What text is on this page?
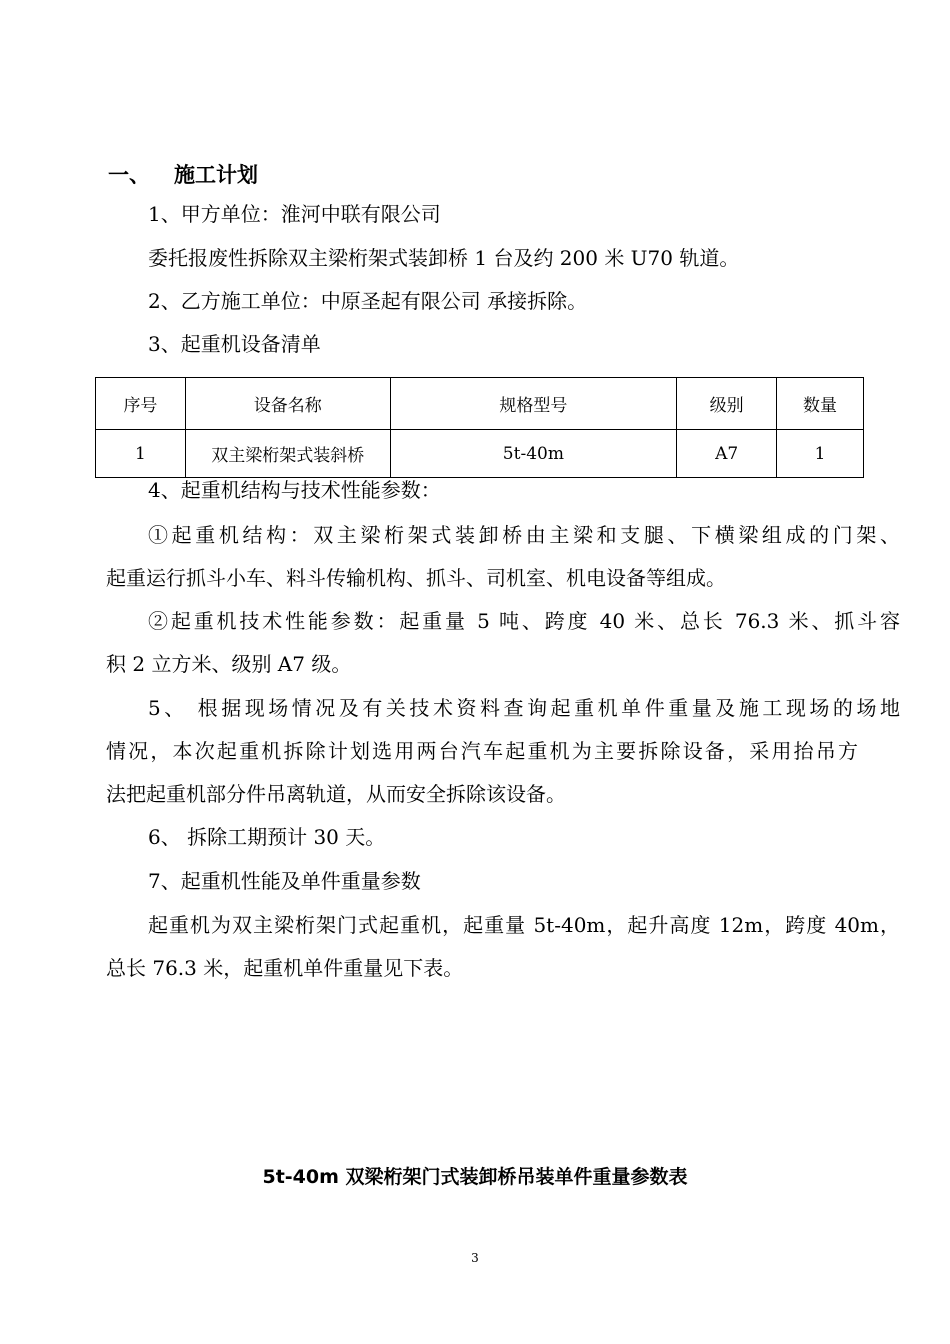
一、 施工计划
1、甲方单位：淮河中联有限公司
委托报废性拆除双主梁桁架式装卸桥 1 台及约 200 米 U70 轨道。
2、乙方施工单位：中原圣起有限公司 承接拆除。
3、起重机设备清单
序号	设备名称	规格型号	级别	数量
1	双主梁桁架式装斜桥	5t-40m	A7	1
4、起重机结构与技术性能参数：
①起重机结构：双主梁桁架式装卸桥由主梁和支腿、下横梁组成的门架、
起重运行抓斗小车、料斗传输机构、抓斗、司机室、机电设备等组成。
②起重机技术性能参数：起重量 5 吨、跨度 40 米、总长 76.3 米、抓斗容
积 2 立方米、级别 A7 级。
5、 根据现场情况及有关技术资料查询起重机单件重量及施工现场的场地
情况，本次起重机拆除计划选用两台汽车起重机为主要拆除设备，采用抬吊方
法把起重机部分件吊离轨道，从而安全拆除该设备。
6、 拆除工期预计 30 天。
7、起重机性能及单件重量参数
起重机为双主梁桁架门式起重机，起重量 5t-40m，起升高度 12m，跨度 40m，
总长 76.3 米，起重机单件重量见下表。
5t-40m 双梁桁架门式装卸桥吊装单件重量参数表
3
